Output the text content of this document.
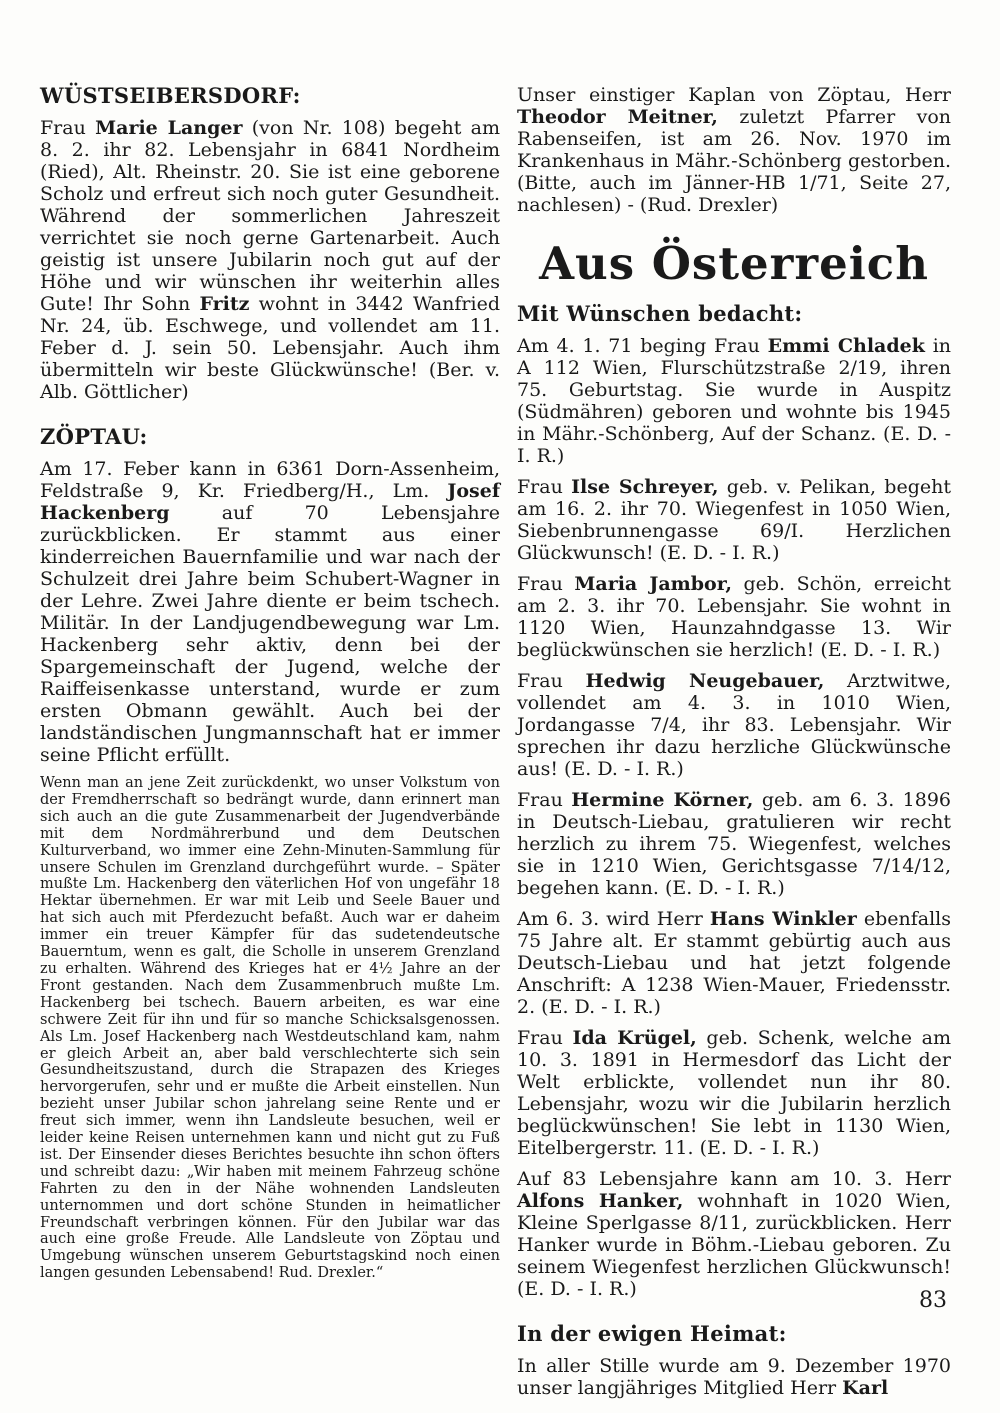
WÜSTSEIBERSDORF:

Frau Marie Langer (von Nr. 108) begeht am 8. 2. ihr 82. Lebensjahr in 6841 Nordheim (Ried), Alt. Rheinstr. 20. Sie ist eine geborene Scholz und erfreut sich noch guter Gesundheit. Während der sommerlichen Jahreszeit verrichtet sie noch gerne Gartenarbeit. Auch geistig ist unsere Jubilarin noch gut auf der Höhe und wir wünschen ihr weiterhin alles Gute! Ihr Sohn Fritz wohnt in 3442 Wanfried Nr. 24, üb. Eschwege, und vollendet am 11. Feber d. J. sein 50. Lebensjahr. Auch ihm übermitteln wir beste Glückwünsche! (Ber. v. Alb. Göttlicher)

ZÖPTAU:

Am 17. Feber kann in 6361 Dorn-Assenheim, Feldstraße 9, Kr. Friedberg/H., Lm. Josef Hackenberg auf 70 Lebensjahre zurückblicken. Er stammt aus einer kinderreichen Bauernfamilie und war nach der Schulzeit drei Jahre beim Schubert-Wagner in der Lehre. Zwei Jahre diente er beim tschech. Militär. In der Landjugendbewegung war Lm. Hackenberg sehr aktiv, denn bei der Spargemeinschaft der Jugend, welche der Raiffeisenkasse unterstand, wurde er zum ersten Obmann gewählt. Auch bei der landständischen Jungmannschaft hat er immer seine Pflicht erfüllt.

Wenn man an jene Zeit zurückdenkt, wo unser Volkstum von der Fremdherrschaft so bedrängt wurde, dann erinnert man sich auch an die gute Zusammenarbeit der Jugendverbände mit dem Nordmährerbund und dem Deutschen Kulturverband, wo immer eine Zehn-Minuten-Sammlung für unsere Schulen im Grenzland durchgeführt wurde. – Später mußte Lm. Hackenberg den väterlichen Hof von ungefähr 18 Hektar übernehmen. Er war mit Leib und Seele Bauer und hat sich auch mit Pferdezucht befaßt. Auch war er daheim immer ein treuer Kämpfer für das sudetendeutsche Bauerntum, wenn es galt, die Scholle in unserem Grenzland zu erhalten. Während des Krieges hat er 4½ Jahre an der Front gestanden. Nach dem Zusammenbruch mußte Lm. Hackenberg bei tschech. Bauern arbeiten, es war eine schwere Zeit für ihn und für so manche Schicksalsgenossen. Als Lm. Josef Hackenberg nach Westdeutschland kam, nahm er gleich Arbeit an, aber bald verschlechterte sich sein Gesundheitszustand, durch die Strapazen des Krieges hervorgerufen, sehr und er mußte die Arbeit einstellen. Nun bezieht unser Jubilar schon jahrelang seine Rente und er freut sich immer, wenn ihn Landsleute besuchen, weil er leider keine Reisen unternehmen kann und nicht gut zu Fuß ist. Der Einsender dieses Berichtes besuchte ihn schon öfters und schreibt dazu: „Wir haben mit meinem Fahrzeug schöne Fahrten zu den in der Nähe wohnenden Landsleuten unternommen und dort schöne Stunden in heimatlicher Freundschaft verbringen können. Für den Jubilar war das auch eine große Freude. Alle Landsleute von Zöptau und Umgebung wünschen unserem Geburtstagskind noch einen langen gesunden Lebensabend! Rud. Drexler.“

Unser einstiger Kaplan von Zöptau, Herr Theodor Meitner, zuletzt Pfarrer von Rabenseifen, ist am 26. Nov. 1970 im Krankenhaus in Mähr.-Schönberg gestorben. (Bitte, auch im Jänner-HB 1/71, Seite 27, nachlesen) - (Rud. Drexler)

Aus Österreich
Mit Wünschen bedacht:

Am 4. 1. 71 beging Frau Emmi Chladek in A 112 Wien, Flurschützstraße 2/19, ihren 75. Geburtstag. Sie wurde in Auspitz (Südmähren) geboren und wohnte bis 1945 in Mähr.-Schönberg, Auf der Schanz. (E. D. - I. R.)

Frau Ilse Schreyer, geb. v. Pelikan, begeht am 16. 2. ihr 70. Wiegenfest in 1050 Wien, Siebenbrunnengasse 69/I. Herzlichen Glückwunsch! (E. D. - I. R.)

Frau Maria Jambor, geb. Schön, erreicht am 2. 3. ihr 70. Lebensjahr. Sie wohnt in 1120 Wien, Haunzahndgasse 13. Wir beglückwünschen sie herzlich! (E. D. - I. R.)

Frau Hedwig Neugebauer, Arztwitwe, vollendet am 4. 3. in 1010 Wien, Jordangasse 7/4, ihr 83. Lebensjahr. Wir sprechen ihr dazu herzliche Glückwünsche aus! (E. D. - I. R.)

Frau Hermine Körner, geb. am 6. 3. 1896 in Deutsch-Liebau, gratulieren wir recht herzlich zu ihrem 75. Wiegenfest, welches sie in 1210 Wien, Gerichtsgasse 7/14/12, begehen kann. (E. D. - I. R.)

Am 6. 3. wird Herr Hans Winkler ebenfalls 75 Jahre alt. Er stammt gebürtig auch aus Deutsch-Liebau und hat jetzt folgende Anschrift: A 1238 Wien-Mauer, Friedensstr. 2. (E. D. - I. R.)

Frau Ida Krügel, geb. Schenk, welche am 10. 3. 1891 in Hermesdorf das Licht der Welt erblickte, vollendet nun ihr 80. Lebensjahr, wozu wir die Jubilarin herzlich beglückwünschen! Sie lebt in 1130 Wien, Eitelbergerstr. 11. (E. D. - I. R.)

Auf 83 Lebensjahre kann am 10. 3. Herr Alfons Hanker, wohnhaft in 1020 Wien, Kleine Sperlgasse 8/11, zurückblicken. Herr Hanker wurde in Böhm.-Liebau geboren. Zu seinem Wiegenfest herzlichen Glückwunsch! (E. D. - I. R.)

In der ewigen Heimat:

In aller Stille wurde am 9. Dezember 1970 unser langjähriges Mitglied Herr Karl

83
